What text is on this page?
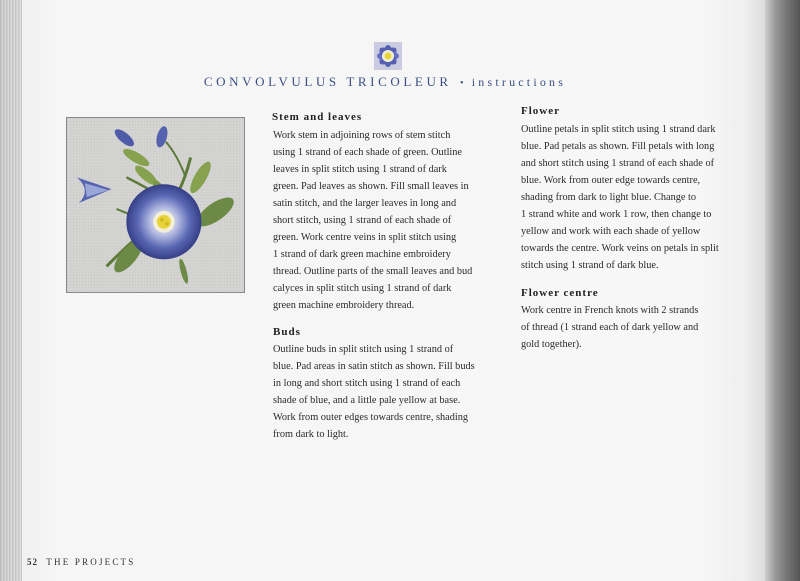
CONVOLVULUS TRICOLEUR • instructions
Stem and leaves
Work stem in adjoining rows of stem stitch
using 1 strand of each shade of green. Outline
leaves in split stitch using 1 strand of dark
green. Pad leaves as shown. Fill small leaves in
satin stitch, and the larger leaves in long and
short stitch, using 1 strand of each shade of
green. Work centre veins in split stitch using
1 strand of dark green machine embroidery
thread. Outline parts of the small leaves and bud
calyces in split stitch using 1 strand of dark
green machine embroidery thread.
Buds
Outline buds in split stitch using 1 strand of
blue. Pad areas in satin stitch as shown. Fill buds
in long and short stitch using 1 strand of each
shade of blue, and a little pale yellow at base.
Work from outer edges towards centre, shading
from dark to light.
Flower
Outline petals in split stitch using 1 strand dark
blue. Pad petals as shown. Fill petals with long
and short stitch using 1 strand of each shade of
blue. Work from outer edge towards centre,
shading from dark to light blue. Change to
1 strand white and work 1 row, then change to
yellow and work with each shade of yellow
towards the centre. Work veins on petals in split
stitch using 1 strand of dark blue.
Flower centre
Work centre in French knots with 2 strands
of thread (1 strand each of dark yellow and
gold together).
52 THE PROJECTS
